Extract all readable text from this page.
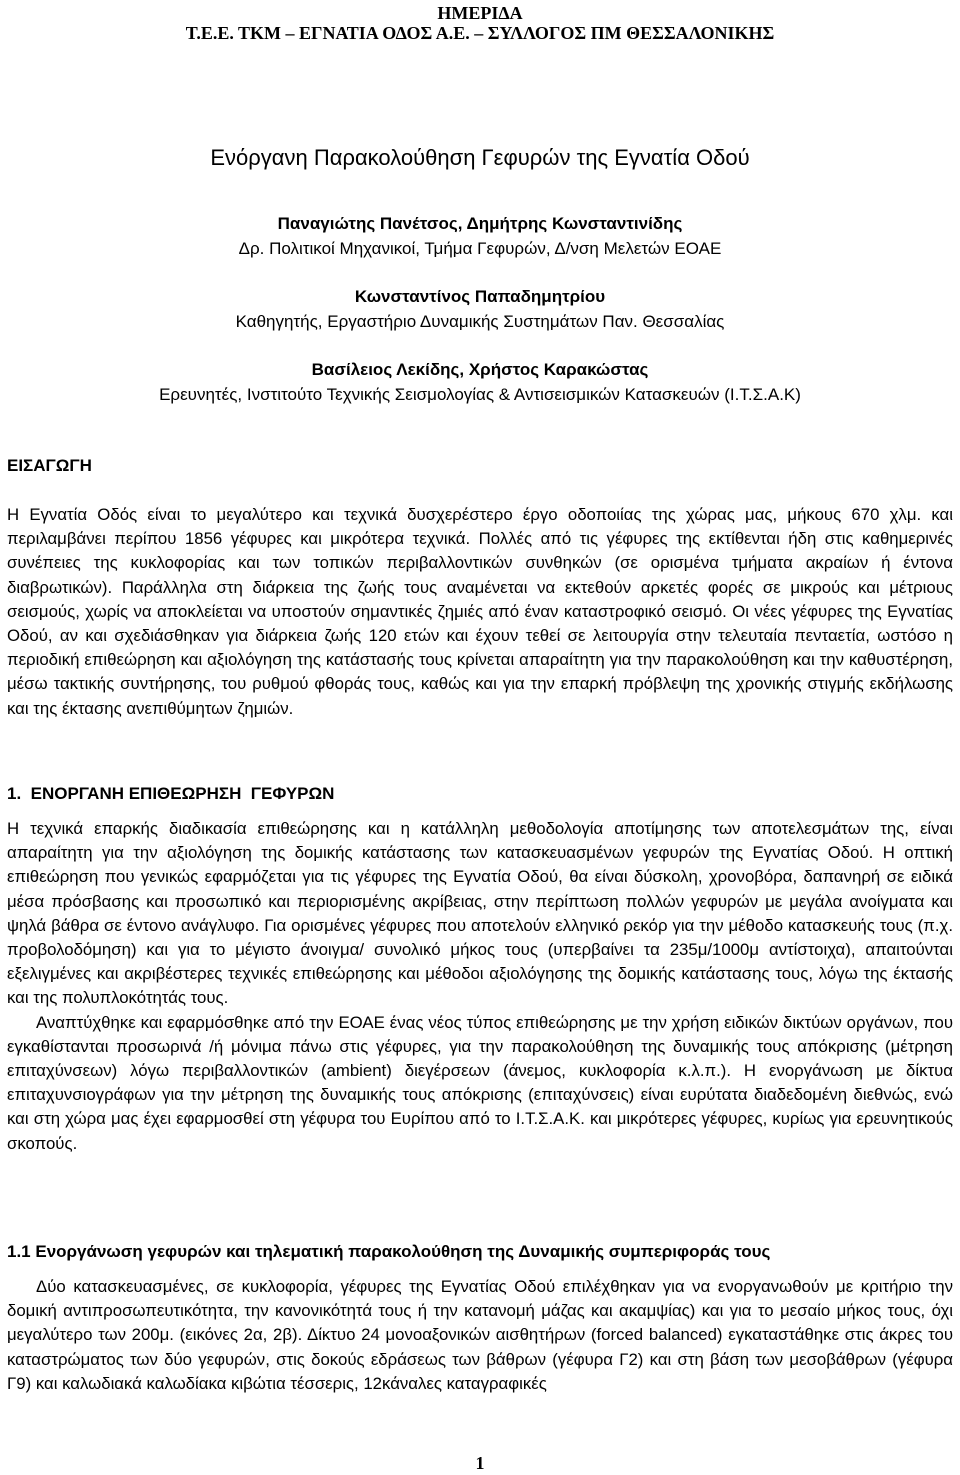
ΗΜΕΡΙΔΑ
Τ.Ε.Ε. ΤΚΜ – ΕΓΝΑΤΙΑ ΟΔΟΣ Α.Ε. – ΣΥΛΛΟΓΟΣ ΠΜ ΘΕΣΣΑΛΟΝΙΚΗΣ
Ενόργανη Παρακολούθηση Γεφυρών της Εγνατία Οδού
Παναγιώτης Πανέτσος, Δημήτρης Κωνσταντινίδης
Δρ. Πολιτικοί Μηχανικοί, Τμήμα Γεφυρών, Δ/νση Μελετών ΕΟΑΕ
Κωνσταντίνος Παπαδημητρίου
Καθηγητής, Εργαστήριο Δυναμικής Συστημάτων Παν. Θεσσαλίας
Βασίλειος Λεκίδης, Χρήστος Καρακώστας
Ερευνητές, Ινστιτούτο Τεχνικής Σεισμολογίας & Αντισεισμικών Κατασκευών (Ι.Τ.Σ.Α.Κ)
ΕΙΣΑΓΩΓΗ

Η Εγνατία Οδός είναι το μεγαλύτερο και τεχνικά δυσχερέστερο έργο οδοποιίας της χώρας μας, μήκους 670 χλμ. και περιλαμβάνει περίπου 1856 γέφυρες και μικρότερα τεχνικά. Πολλές από τις γέφυρες της εκτίθενται ήδη στις καθημερινές συνέπειες της κυκλοφορίας και των τοπικών περιβαλλοντικών συνθηκών (σε ορισμένα τμήματα ακραίων ή έντονα διαβρωτικών). Παράλληλα στη διάρκεια της ζωής τους αναμένεται να εκτεθούν αρκετές φορές σε μικρούς και μέτριους σεισμούς, χωρίς να αποκλείεται να υποστούν σημαντικές ζημιές από έναν καταστροφικό σεισμό. Οι νέες γέφυρες της Εγνατίας Οδού, αν και σχεδιάσθηκαν για διάρκεια ζωής 120 ετών και έχουν τεθεί σε λειτουργία στην τελευταία πενταετία, ωστόσο η περιοδική επιθεώρηση και αξιολόγηση της κατάστασής τους κρίνεται απαραίτητη για την παρακολούθηση και την καθυστέρηση, μέσω τακτικής συντήρησης, του ρυθμού φθοράς τους, καθώς και για την επαρκή πρόβλεψη της χρονικής στιγμής εκδήλωσης και της έκτασης ανεπιθύμητων ζημιών.

1.  ΕΝΟΡΓΑΝΗ ΕΠΙΘΕΩΡΗΣΗ  ΓΕΦΥΡΩΝ

Η τεχνικά επαρκής διαδικασία επιθεώρησης και η κατάλληλη μεθοδολογία αποτίμησης των αποτελεσμάτων της, είναι απαραίτητη για την αξιολόγηση της δομικής κατάστασης των κατασκευασμένων γεφυρών της Εγνατίας Οδού. Η οπτική επιθεώρηση που γενικώς εφαρμόζεται για τις γέφυρες της Εγνατία Οδού, θα είναι δύσκολη, χρονοβόρα, δαπανηρή σε ειδικά μέσα πρόσβασης και προσωπικό και περιορισμένης ακρίβειας, στην περίπτωση πολλών γεφυρών με μεγάλα ανοίγματα και ψηλά βάθρα σε έντονο ανάγλυφο. Για ορισμένες γέφυρες που αποτελούν ελληνικό ρεκόρ για την μέθοδο κατασκευής τους (π.χ. προβολοδόμηση) και για το μέγιστο άνοιγμα/ συνολικό μήκος τους (υπερβαίνει τα 235μ/1000μ αντίστοιχα), απαιτούνται εξελιγμένες και ακριβέστερες τεχνικές επιθεώρησης και μέθοδοι αξιολόγησης της δομικής κατάστασης τους, λόγω της έκτασής και της πολυπλοκότητάς τους.

Αναπτύχθηκε και εφαρμόσθηκε από την ΕΟΑΕ ένας νέος τύπος επιθεώρησης με την χρήση ειδικών δικτύων οργάνων, που εγκαθίστανται προσωρινά /ή μόνιμα πάνω στις γέφυρες, για την παρακολούθηση της δυναμικής τους απόκρισης (μέτρηση επιταχύνσεων) λόγω περιβαλλοντικών (ambient) διεγέρσεων (άνεμος, κυκλοφορία κ.λ.π.). Η ενοργάνωση με δίκτυα επιταχυνσιογράφων για την μέτρηση της δυναμικής τους απόκρισης (επιταχύνσεις) είναι ευρύτατα διαδεδομένη διεθνώς, ενώ και στη χώρα μας έχει εφαρμοσθεί στη γέφυρα του Ευρίπου από το Ι.Τ.Σ.Α.Κ. και μικρότερες γέφυρες, κυρίως για ερευνητικούς σκοπούς.

1.1 Ενοργάνωση γεφυρών και τηλεματική παρακολούθηση της Δυναμικής συμπεριφοράς τους

Δύο κατασκευασμένες, σε κυκλοφορία, γέφυρες της Εγνατίας Οδού επιλέχθηκαν για να ενοργανωθούν με κριτήριο την δομική αντιπροσωπευτικότητα, την κανονικότητά τους ή την κατανομή μάζας και ακαμψίας) και για το μεσαίο μήκος τους, όχι μεγαλύτερο των 200μ. (εικόνες 2α, 2β). Δίκτυο 24 μονοαξονικών αισθητήρων (forced balanced) εγκαταστάθηκε στις άκρες του καταστρώματος των δύο γεφυρών, στις δοκούς εδράσεως των βάθρων (γέφυρα Γ2) και στη βάση των μεσοβάθρων (γέφυρα Γ9) και καλωδιακά καλωδίακα κιβώτια τέσσερις, 12κάναλες καταγραφικές

1
